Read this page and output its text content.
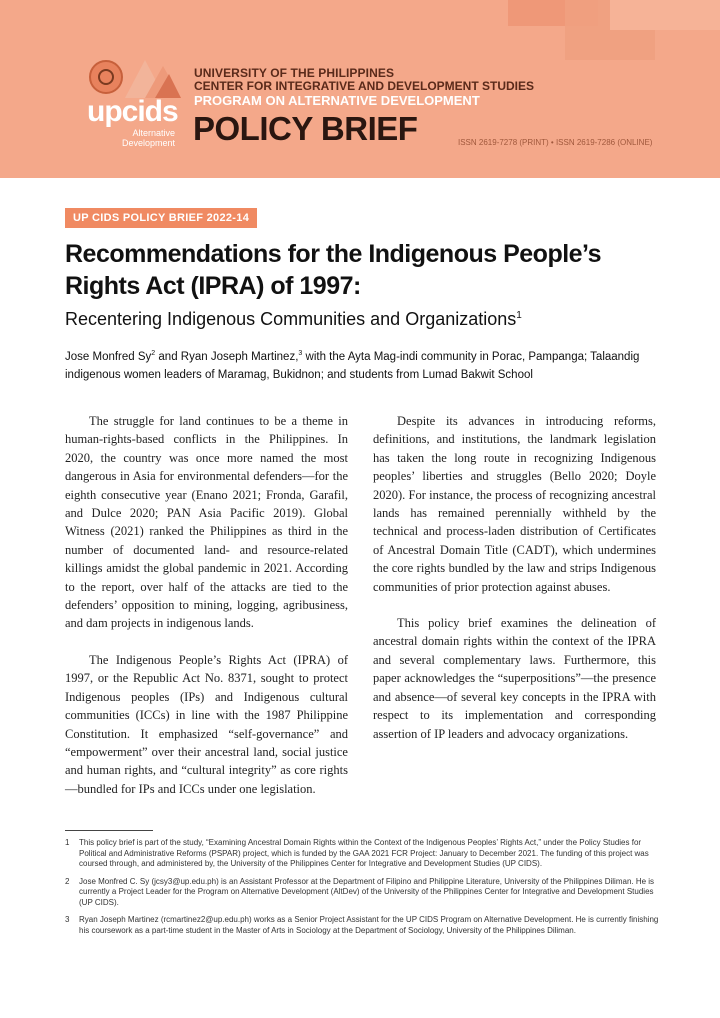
upcids
Alternative
Development
UNIVERSITY OF THE PHILIPPINES
CENTER FOR INTEGRATIVE AND DEVELOPMENT STUDIES
PROGRAM ON ALTERNATIVE DEVELOPMENT
POLICY BRIEF	ISSN 2619-7278 (PRINT) • ISSN 2619-7286 (ONLINE)
UP CIDS POLICY BRIEF 2022-14
Recommendations for the Indigenous People’s Rights Act (IPRA) of 1997:
Recentering Indigenous Communities and Organizations$^1$
Jose Monfred Sy$^2$ and Ryan Joseph Martinez,$^3$ with the Ayta Mag-indi community in Porac, Pampanga; Talaandig indigenous women leaders of Maramag, Bukidnon; and students from Lumad Bakwit School

The struggle for land continues to be a theme in human-rights-based conflicts in the Philippines. In 2020, the country was once more named the most dangerous in Asia for environmental defenders—for the eighth consecutive year (Enano 2021; Fronda, Garafil, and Dulce 2020; PAN Asia Pacific 2019). Global Witness (2021) ranked the Philippines as third in the number of documented land- and resource-related killings amidst the global pandemic in 2021. According to the report, over half of the attacks are tied to the defenders’ opposition to mining, logging, agribusiness, and dam projects in indigenous lands.

The Indigenous People’s Rights Act (IPRA) of 1997, or the Republic Act No. 8371, sought to protect Indigenous peoples (IPs) and Indigenous cultural communities (ICCs) in line with the 1987 Philippine Constitution. It emphasized “self-governance” and “empowerment” over their ancestral land, social justice and human rights, and “cultural integrity” as core rights—bundled for IPs and ICCs under one legislation.

Despite its advances in introducing reforms, definitions, and institutions, the landmark legislation has taken the long route in recognizing Indigenous peoples’ liberties and struggles (Bello 2020; Doyle 2020). For instance, the process of recognizing ancestral lands has remained perennially withheld by the technical and process-laden distribution of Certificates of Ancestral Domain Title (CADT), which undermines the core rights bundled by the law and strips Indigenous communities of prior protection against abuses.

This policy brief examines the delineation of ancestral domain rights within the context of the IPRA and several complementary laws. Furthermore, this paper acknowledges the “superpositions”—the presence and absence—of several key concepts in the IPRA with respect to its implementation and corresponding assertion of IP leaders and advocacy organizations.

1	This policy brief is part of the study, “Examining Ancestral Domain Rights within the Context of the Indigenous Peoples’ Rights Act,” under the Policy Studies for Political and Administrative Reforms (PSPAR) project, which is funded by the GAA 2021 FCR Project: January to December 2021. The funding of this project was coursed through, and administered by, the University of the Philippines Center for Integrative and Development Studies (UP CIDS).
2	Jose Monfred C. Sy (jcsy3@up.edu.ph) is an Assistant Professor at the Department of Filipino and Philippine Literature, University of the Philippines Diliman. He is currently a Project Leader for the Program on Alternative Development (AltDev) of the University of the Philippines Center for Integrative and Development Studies (UP CIDS).
3	Ryan Joseph Martinez (rcmartinez2@up.edu.ph) works as a Senior Project Assistant for the UP CIDS Program on Alternative Development. He is currently finishing his coursework as a part-time student in the Master of Arts in Sociology at the Department of Sociology, University of the Philippines Diliman.
